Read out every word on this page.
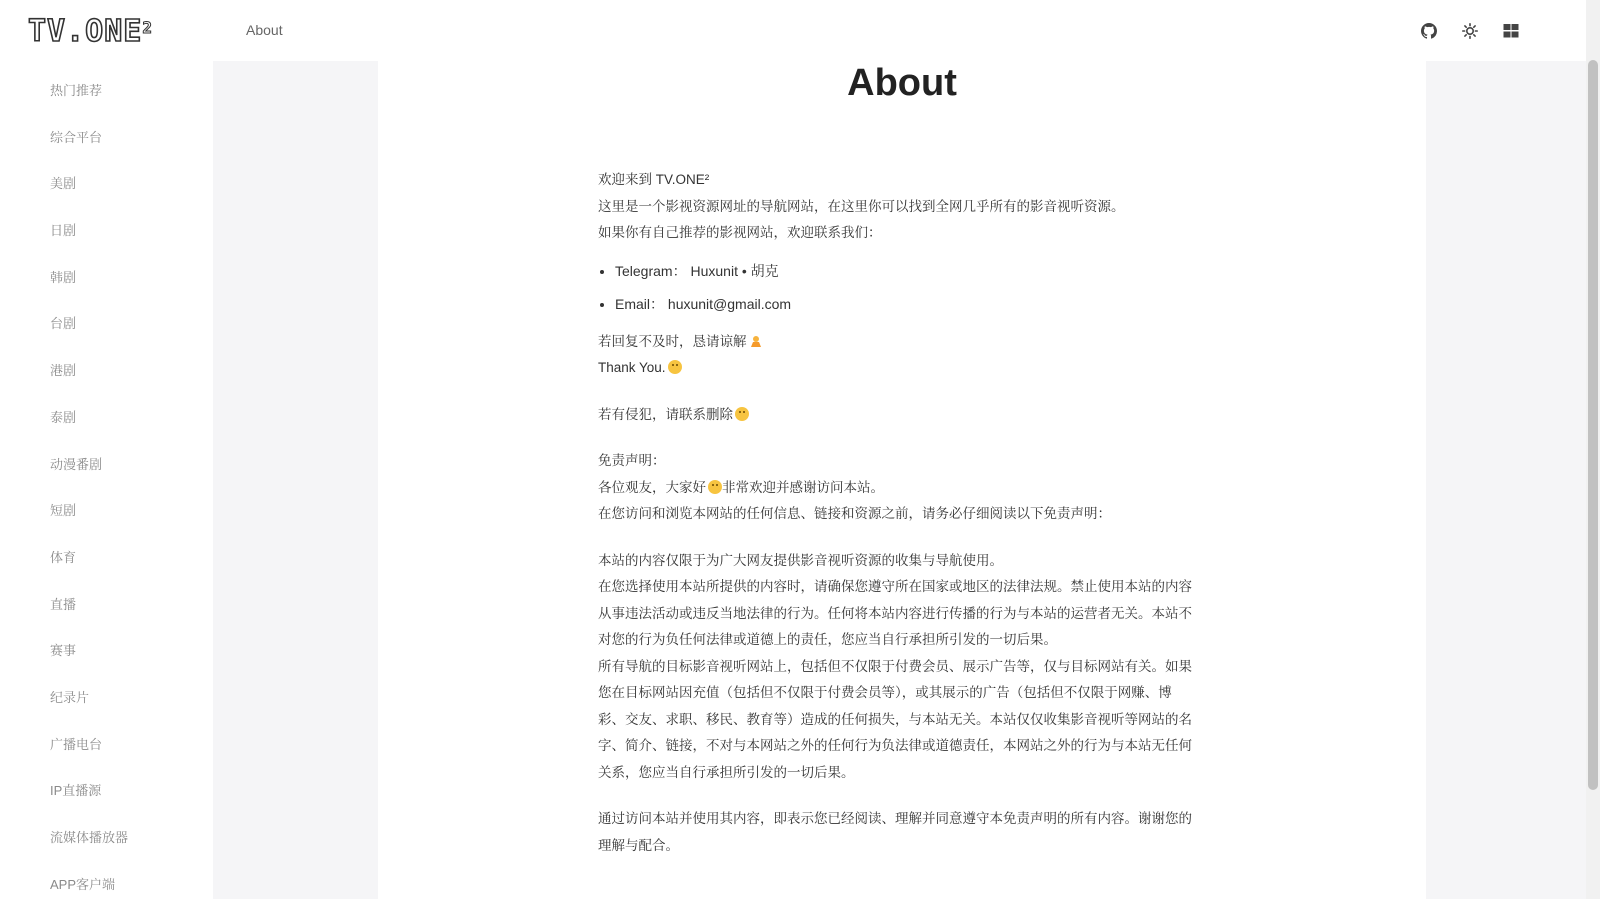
TV.ONE$^2$
热门推荐
综合平台
美剧
日剧
韩剧
台剧
港剧
泰剧
动漫番剧
短剧
体育
直播
赛事
纪录片
广播电台
IP直播源
流媒体播放器
APP客户端
About
About
欢迎来到 TV.ONE²
这里是一个影视资源网址的导航网站，在这里你可以找到全网几乎所有的影音视听资源。
如果你有自己推荐的影视网站，欢迎联系我们：
• Telegram： Huxunit • 胡克
• Email： huxunit@gmail.com
若回复不及时，恳请谅解
Thank You.
若有侵犯，请联系删除
免责声明：
各位观友，大家好 非常欢迎并感谢访问本站。
在您访问和浏览本网站的任何信息、链接和资源之前，请务必仔细阅读以下免责声明：

本站的内容仅限于为广大网友提供影音视听资源的收集与导航使用。

在您选择使用本站所提供的内容时，请确保您遵守所在国家或地区的法律法规。禁止使用本站的内容从事违法活动或违反当地法律的行为。任何将本站内容进行传播的行为与本站的运营者无关。本站不对您的行为负任何法律或道德上的责任，您应当自行承担所引发的一切后果。

所有导航的目标影音视听网站上，包括但不仅限于付费会员、展示广告等，仅与目标网站有关。如果您在目标网站因充值（包括但不仅限于付费会员等），或其展示的广告（包括但不仅限于网赚、博彩、交友、求职、移民、教育等）造成的任何损失，与本站无关。本站仅仅收集影音视听等网站的名字、简介、链接，不对与本网站之外的任何行为负法律或道德责任，本网站之外的行为与本站无任何关系，您应当自行承担所引发的一切后果。

通过访问本站并使用其内容，即表示您已经阅读、理解并同意遵守本免责声明的所有内容。谢谢您的理解与配合。
